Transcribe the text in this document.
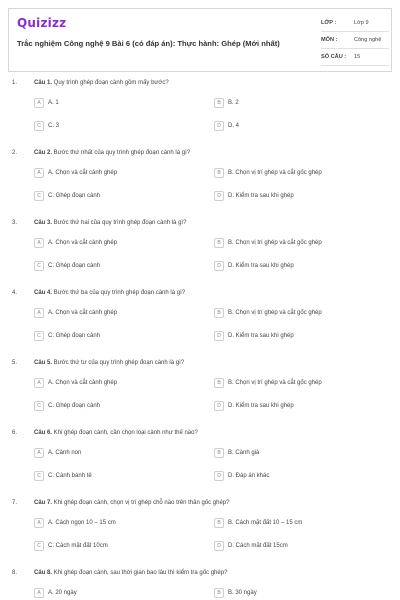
Quizizz
Trắc nghiệm Công nghệ 9 Bài 6 (có đáp án): Thực hành: Ghép (Mới nhất)
LỚP :	Lớp 9
MÔN :	Công nghệ
SỐ CÂU :	15
1.	Câu 1. Quy trình ghép đoạn cành gồm mấy bước?
A	A. 1	B	B. 2
C	C. 3	D	D. 4
2.	Câu 2. Bước thứ nhất của quy trình ghép đoạn cành là gì?
A	A. Chọn và cắt cành ghép	B	B. Chọn vị trí ghép và cắt gốc ghép
C	C. Ghép đoạn cành	D	D. Kiểm tra sau khi ghép
3.	Câu 3. Bước thứ hai của quy trình ghép đoạn cành là gì?
A	A. Chọn và cắt cành ghép	B	B. Chọn vị trí ghép và cắt gốc ghép
C	C. Ghép đoạn cành	D	D. Kiểm tra sau khi ghép
4.	Câu 4. Bước thứ ba của quy trình ghép đoạn cành là gì?
A	A. Chọn và cắt cành ghép	B	B. Chọn vị trí ghép và cắt gốc ghép
C	C. Ghép đoạn cành	D	D. Kiểm tra sau khi ghép
5.	Câu 5. Bước thứ tư của quy trình ghép đoạn cành là gì?
A	A. Chọn và cắt cành ghép	B	B. Chọn vị trí ghép và cắt gốc ghép
C	C. Ghép đoạn cành	D	D. Kiểm tra sau khi ghép
6.	Câu 6. Khi ghép đoạn cành, cần chọn loại cành như thế nào?
A	A. Cành non	B	B. Cành già
C	C. Cành bánh tẻ	D	D. Đáp án khác
7.	Câu 7. Khi ghép đoạn cành, chọn vị trí ghép chỗ nào trên thân gốc ghép?
A	A. Cách ngọn 10 – 15 cm	B	B. Cách mặt đất 10 – 15 cm
C	C. Cách mặt đất 10cm	D	D. Cách mặt đất 15cm
8.	Câu 8. Khi ghép đoạn cành, sau thời gian bao lâu thì kiểm tra gốc ghép?
A	A. 20 ngày	B	B. 30 ngày
